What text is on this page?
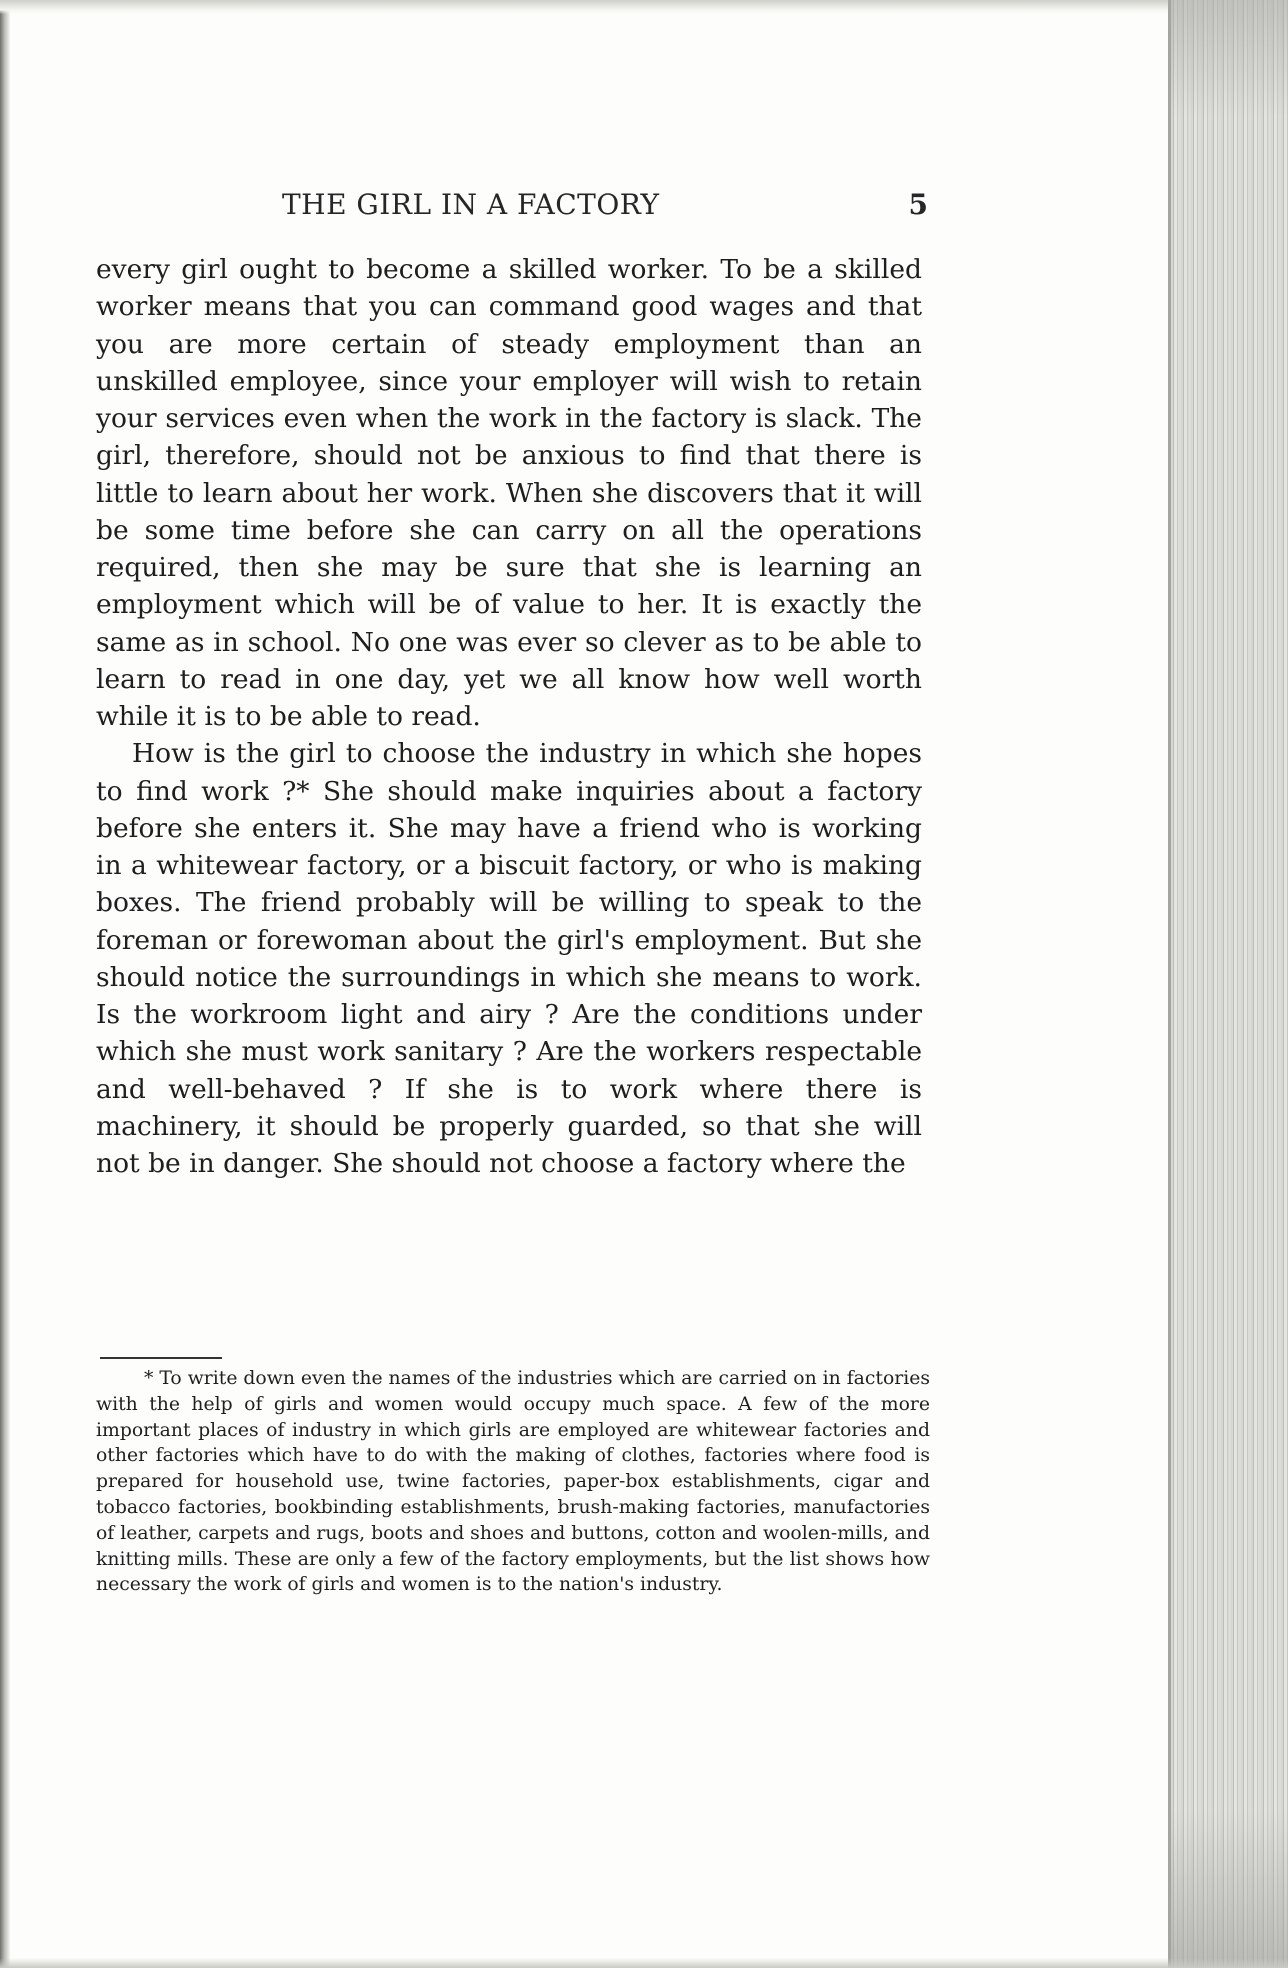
THE GIRL IN A FACTORY	5

every girl ought to become a skilled worker. To be a skilled worker means that you can command good wages and that you are more certain of steady employment than an unskilled employee, since your employer will wish to retain your services even when the work in the factory is slack. The girl, therefore, should not be anxious to find that there is little to learn about her work. When she discovers that it will be some time before she can carry on all the operations required, then she may be sure that she is learning an employment which will be of value to her. It is exactly the same as in school. No one was ever so clever as to be able to learn to read in one day, yet we all know how well worth while it is to be able to read.

How is the girl to choose the industry in which she hopes to find work ?* She should make inquiries about a factory before she enters it. She may have a friend who is working in a whitewear factory, or a biscuit factory, or who is making boxes. The friend probably will be willing to speak to the foreman or forewoman about the girl's employment. But she should notice the surroundings in which she means to work. Is the workroom light and airy ? Are the conditions under which she must work sanitary ? Are the workers respectable and well-behaved ? If she is to work where there is machinery, it should be properly guarded, so that she will not be in danger. She should not choose a factory where the

* To write down even the names of the industries which are carried on in factories with the help of girls and women would occupy much space. A few of the more important places of industry in which girls are employed are whitewear factories and other factories which have to do with the making of clothes, factories where food is prepared for household use, twine factories, paper-box establishments, cigar and tobacco factories, bookbinding establishments, brush-making factories, manufactories of leather, carpets and rugs, boots and shoes and buttons, cotton and woolen-mills, and knitting mills. These are only a few of the factory employments, but the list shows how necessary the work of girls and women is to the nation's industry.
